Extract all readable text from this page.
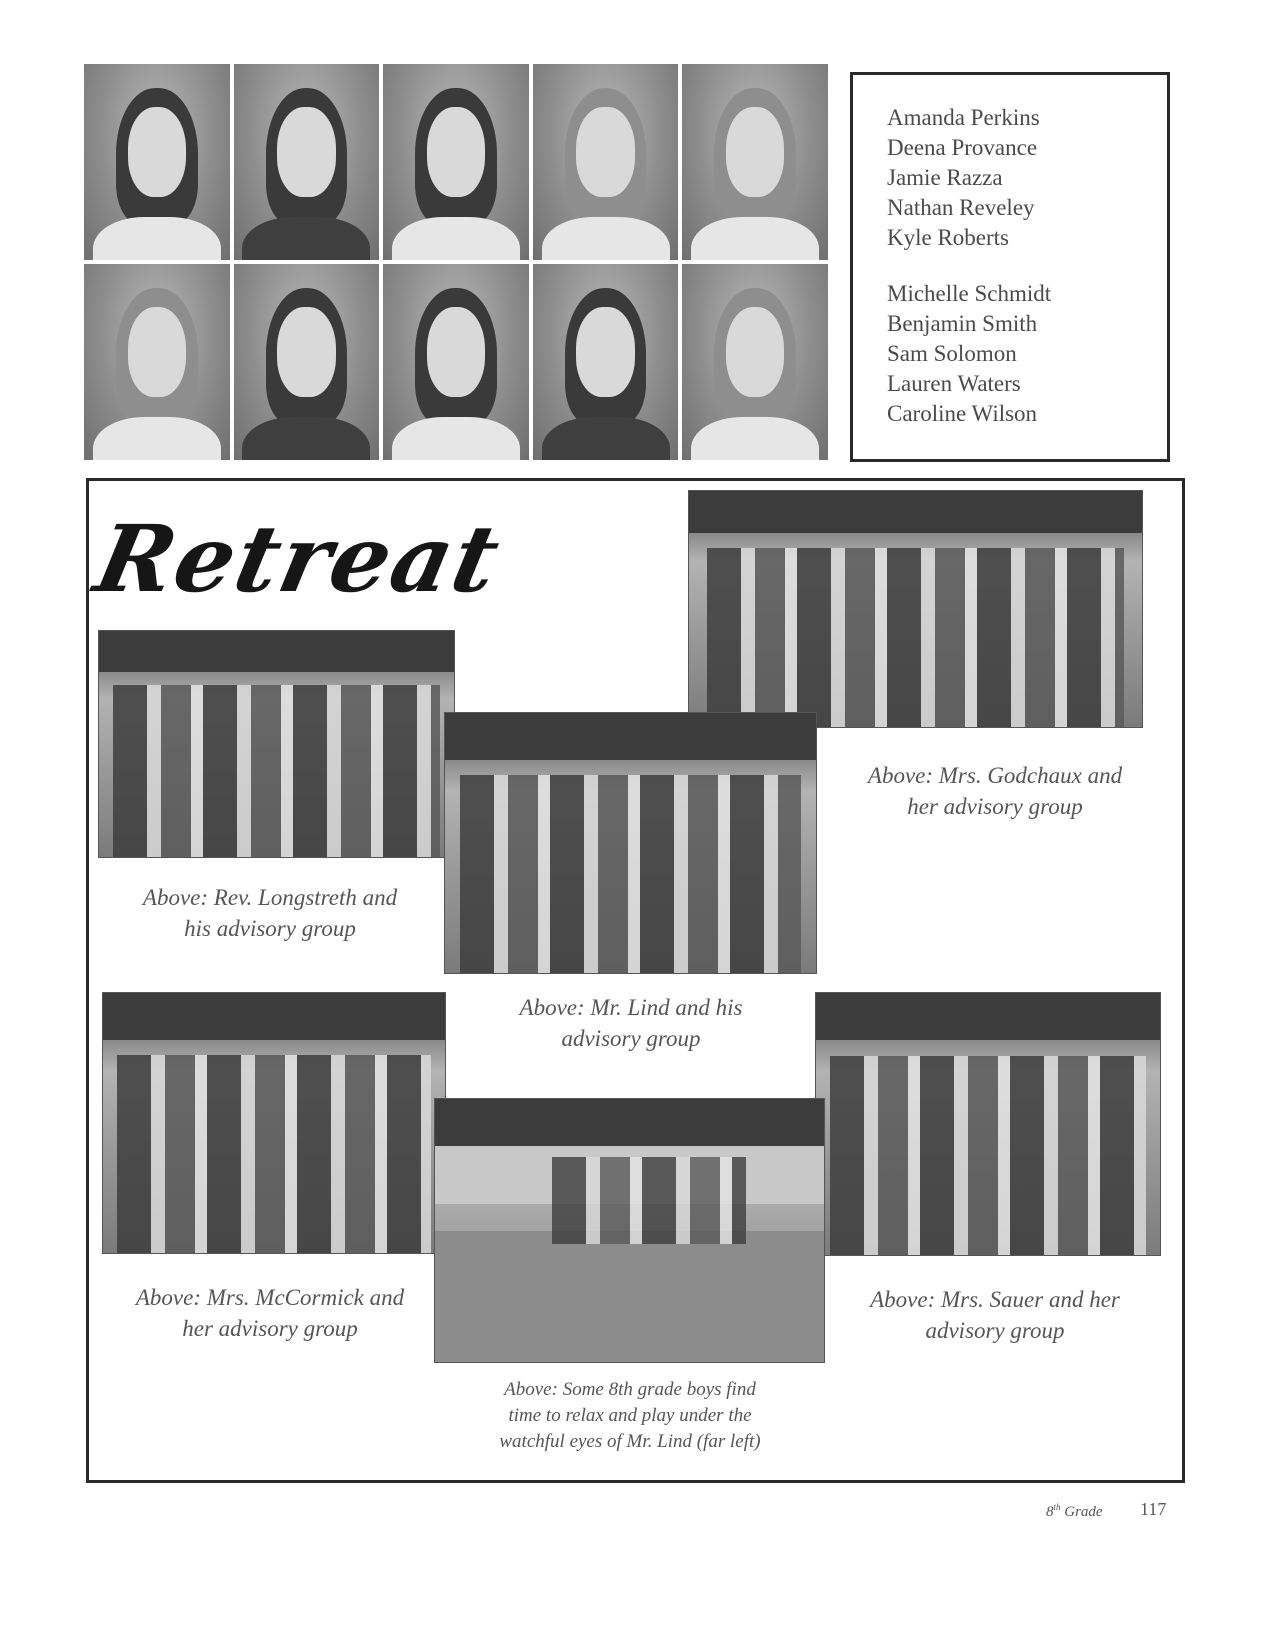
Amanda Perkins
Deena Provance
Jamie Razza
Nathan Reveley
Kyle Roberts
Michelle Schmidt
Benjamin Smith
Sam Solomon
Lauren Waters
Caroline Wilson
Retreat
Above: Mrs. Godchaux and
her advisory group
Above: Rev. Longstreth and
his advisory group
Above: Mr. Lind and his
advisory group
Above: Mrs. McCormick and
her advisory group
Above: Mrs. Sauer and her
advisory group
Above: Some 8th grade boys find
time to relax and play under the
watchful eyes of Mr. Lind (far left)
8th Grade 117
